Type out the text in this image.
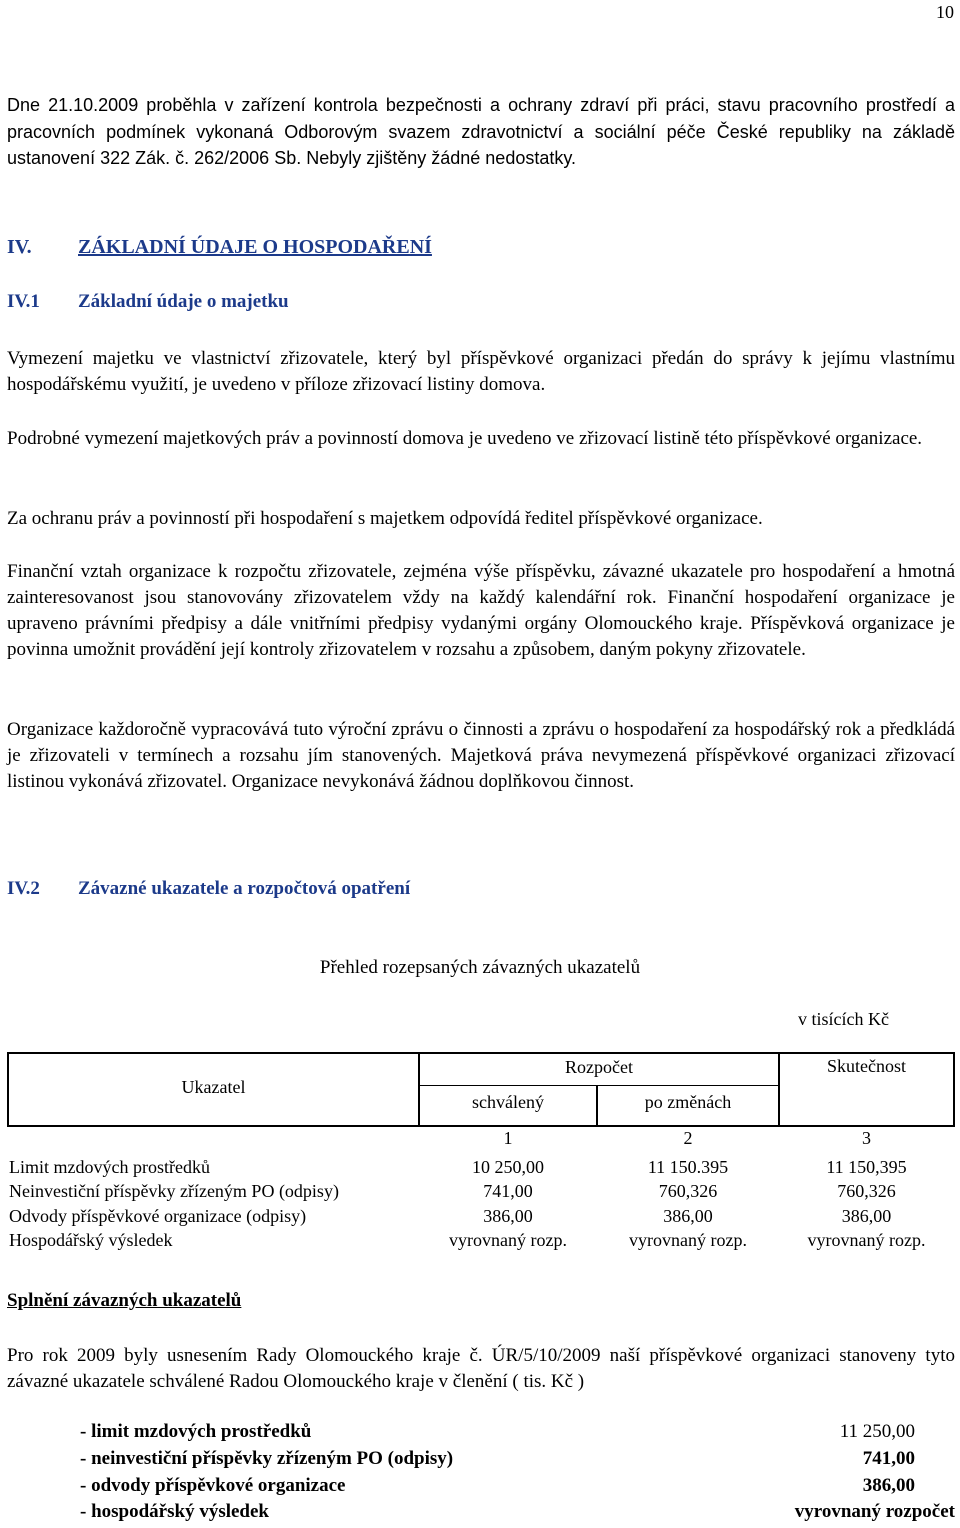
10
Dne 21.10.2009 proběhla v zařízení kontrola bezpečnosti a ochrany zdraví při práci, stavu pracovního prostředí a pracovních podmínek vykonaná Odborovým svazem zdravotnictví a sociální péče České republiky na základě ustanovení 322 Zák. č. 262/2006 Sb. Nebyly zjištěny žádné nedostatky.
IV. ZÁKLADNÍ ÚDAJE O HOSPODAŘENÍ
IV.1 Základní údaje o majetku
Vymezení majetku ve vlastnictví zřizovatele, který byl příspěvkové organizaci předán do správy k jejímu vlastnímu hospodářskému využití, je uvedeno v příloze zřizovací listiny domova.
Podrobné vymezení majetkových práv a povinností domova je uvedeno ve zřizovací listině této příspěvkové organizace.
Za ochranu práv a povinností při hospodaření s majetkem odpovídá ředitel příspěvkové organizace.
Finanční vztah organizace k rozpočtu zřizovatele, zejména výše příspěvku, závazné ukazatele pro hospodaření a hmotná zainteresovanost jsou stanovovány zřizovatelem vždy na každý kalendářní rok. Finanční hospodaření organizace je upraveno právními předpisy a dále vnitřními předpisy vydanými orgány Olomouckého kraje. Příspěvková organizace je povinna umožnit provádění její kontroly zřizovatelem v rozsahu a způsobem, daným pokyny zřizovatele.
Organizace každoročně vypracovává tuto výroční zprávu o činnosti a zprávu o hospodaření za hospodářský rok a předkládá je zřizovateli v termínech a rozsahu jím stanovených. Majetková práva nevymezená příspěvkové organizaci zřizovací listinou vykonává zřizovatel. Organizace nevykonává žádnou doplňkovou činnost.
IV.2 Závazné ukazatele a rozpočtová opatření
Přehled rozepsaných závazných ukazatelů
v tisících Kč
Ukazatel
Rozpočet
schválený	po změnách
Skutečnost
1	2	3
Limit mzdových prostředků	10 250,00	11 150.395	11 150,395
Neinvestiční příspěvky zřízeným PO (odpisy)	741,00	760,326	760,326
Odvody příspěvkové organizace (odpisy)	386,00	386,00	386,00
Hospodářský výsledek	vyrovnaný rozp.	vyrovnaný rozp.	vyrovnaný rozp.
Splnění závazných ukazatelů
Pro rok 2009 byly usnesením Rady Olomouckého kraje č. ÚR/5/10/2009 naší příspěvkové organizaci stanoveny tyto závazné ukazatele schválené Radou Olomouckého kraje v členění ( tis. Kč )
- limit mzdových prostředků	11 250,00
- neinvestiční příspěvky zřízeným PO (odpisy)	741,00
- odvody příspěvkové organizace	386,00
- hospodářský výsledek	vyrovnaný rozpočet
